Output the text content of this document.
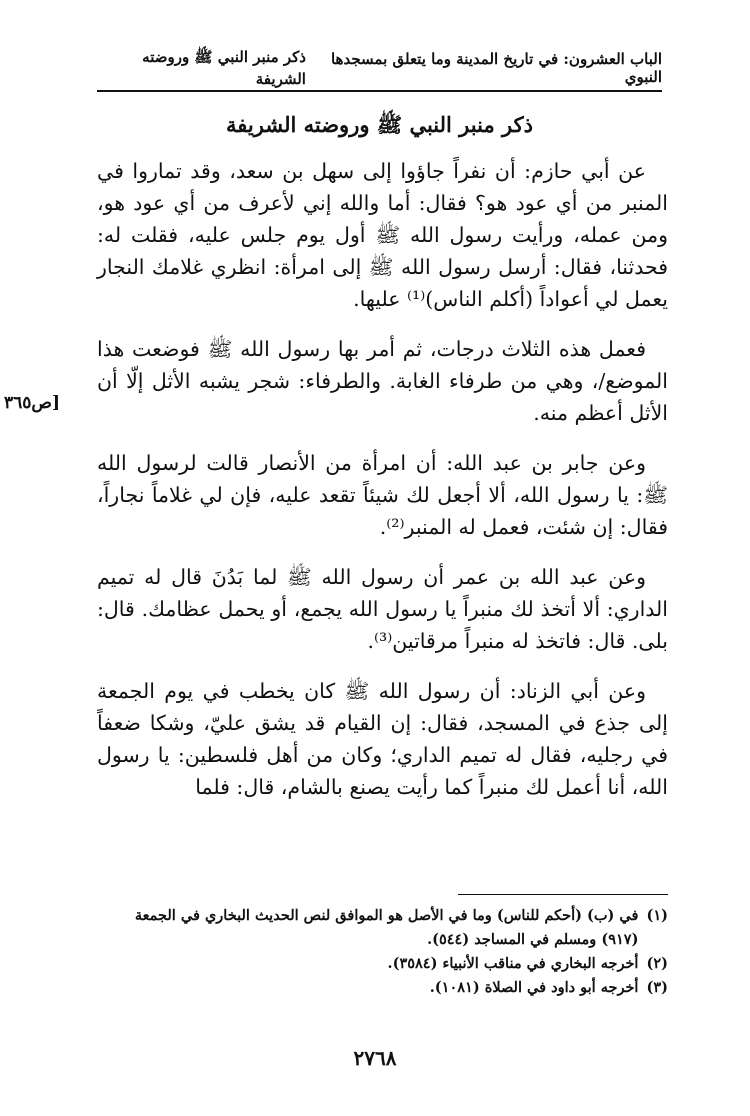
الباب العشرون: في تاريخ المدينة وما يتعلق بمسجدها النبوي
ذكر منبر النبي ﷺ وروضته الشريفة
ذكر منبر النبي ﷺ وروضته الشريفة

عن أبي حازم: أن نفراً جاؤوا إلى سهل بن سعد، وقد تماروا في المنبر من أي عود هو؟ فقال: أما والله إني لأعرف من أي عود هو، ومن عمله، ورأيت رسول الله ﷺ أول يوم جلس عليه، فقلت له: فحدثنا، فقال: أرسل رسول الله ﷺ إلى امرأة: انظري غلامك النجار يعمل لي أعواداً (أكلم الناس)⁽¹⁾ عليها.

فعمل هذه الثلاث درجات، ثم أمر بها رسول الله ﷺ فوضعت هذا الموضع/، وهي من طرفاء الغابة. والطرفاء: شجر يشبه الأثل إلّا أن الأثل أعظم منه.

وعن جابر بن عبد الله: أن امرأة من الأنصار قالت لرسول الله ﷺ: يا رسول الله، ألا أجعل لك شيئاً تقعد عليه، فإن لي غلاماً نجاراً، فقال: إن شئت، فعمل له المنبر⁽²⁾.

وعن عبد الله بن عمر أن رسول الله ﷺ لما بَدُنَ قال له تميم الداري: ألا أتخذ لك منبراً يا رسول الله يجمع، أو يحمل عظامك. قال: بلى. قال: فاتخذ له منبراً مرقاتين⁽³⁾.

وعن أبي الزناد: أن رسول الله ﷺ كان يخطب في يوم الجمعة إلى جذع في المسجد، فقال: إن القيام قد يشق عليّ، وشكا ضعفاً في رجليه، فقال له تميم الداري؛ وكان من أهل فلسطين: يا رسول الله، أنا أعمل لك منبراً كما رأيت يصنع بالشام، قال: فلما

[ص٣٦٥

(١)
في (ب) (أحكم للناس) وما في الأصل هو الموافق لنص الحديث البخاري في الجمعة (٩١٧) ومسلم في المساجد (٥٤٤).

(٢)
أخرجه البخاري في مناقب الأنبياء (٣٥٨٤).

(٣)
أخرجه أبو داود في الصلاة (١٠٨١).

٢٧٦٨
